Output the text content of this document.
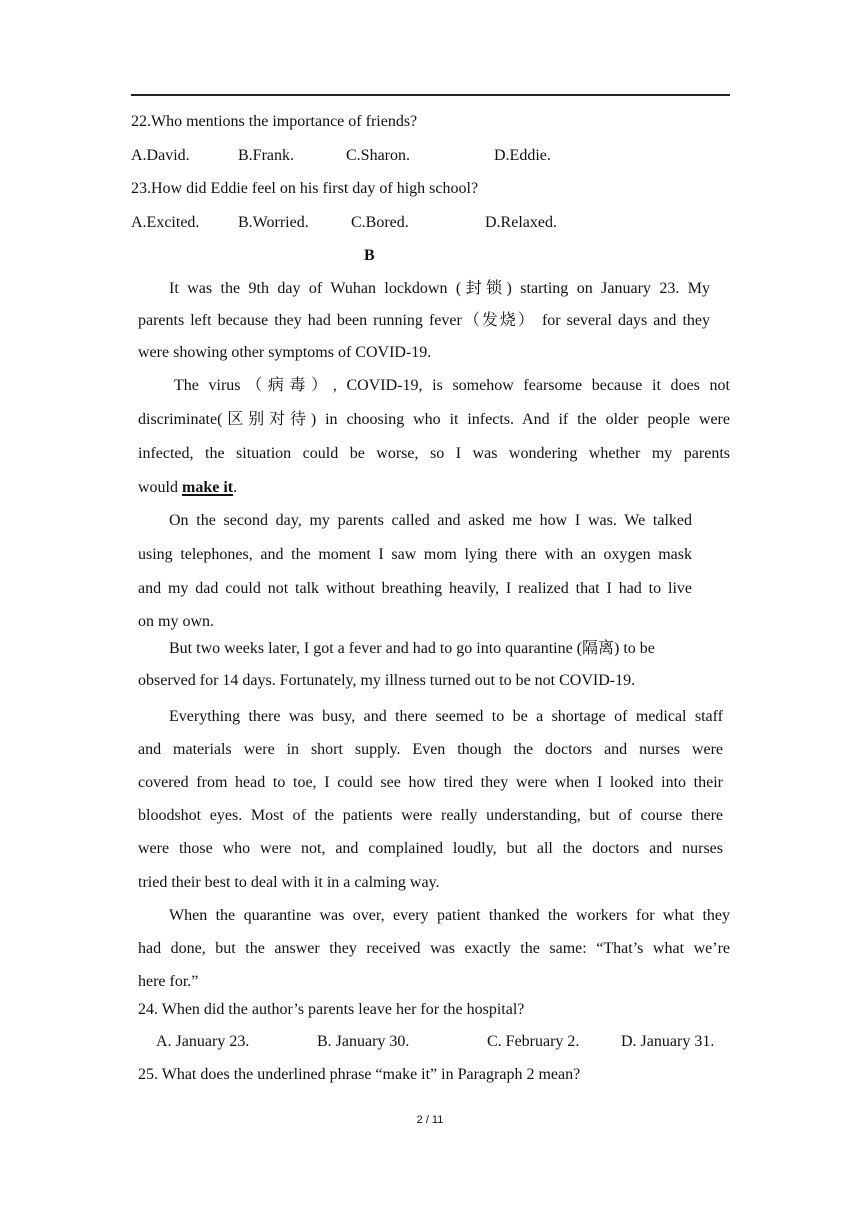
22.Who mentions the importance of friends?
A.David.	B.Frank.	C.Sharon.	D.Eddie.
23.How did Eddie feel on his first day of high school?
A.Excited. B.Worried.	C.Bored.	D.Relaxed.
B
It was the 9th day of Wuhan lockdown (封锁) starting on January 23. My
parents left because they had been running fever（发烧） for several days and they
were showing other symptoms of COVID-19.
The virus（病毒）, COVID-19, is somehow fearsome because it does not
discriminate(区别对待) in choosing who it infects. And if the older people were
infected, the situation could be worse, so I was wondering whether my parents
would make it.
On the second day, my parents called and asked me how I was. We talked
using telephones, and the moment I saw mom lying there with an oxygen mask
and my dad could not talk without breathing heavily, I realized that I had to live
on my own.
But two weeks later, I got a fever and had to go into quarantine (隔离) to be
observed for 14 days. Fortunately, my illness turned out to be not COVID-19.
Everything there was busy, and there seemed to be a shortage of medical staff
and materials were in short supply. Even though the doctors and nurses were
covered from head to toe, I could see how tired they were when I looked into their
bloodshot eyes. Most of the patients were really understanding, but of course there
were those who were not, and complained loudly, but all the doctors and nurses
tried their best to deal with it in a calming way.
When the quarantine was over, every patient thanked the workers for what they
had done, but the answer they received was exactly the same: “That’s what we’re
here for.”
24. When did the author’s parents leave her for the hospital?
A. January 23.	B. January 30.	C. February 2.	D. January 31.
25. What does the underlined phrase “make it” in Paragraph 2 mean?
2 / 11
